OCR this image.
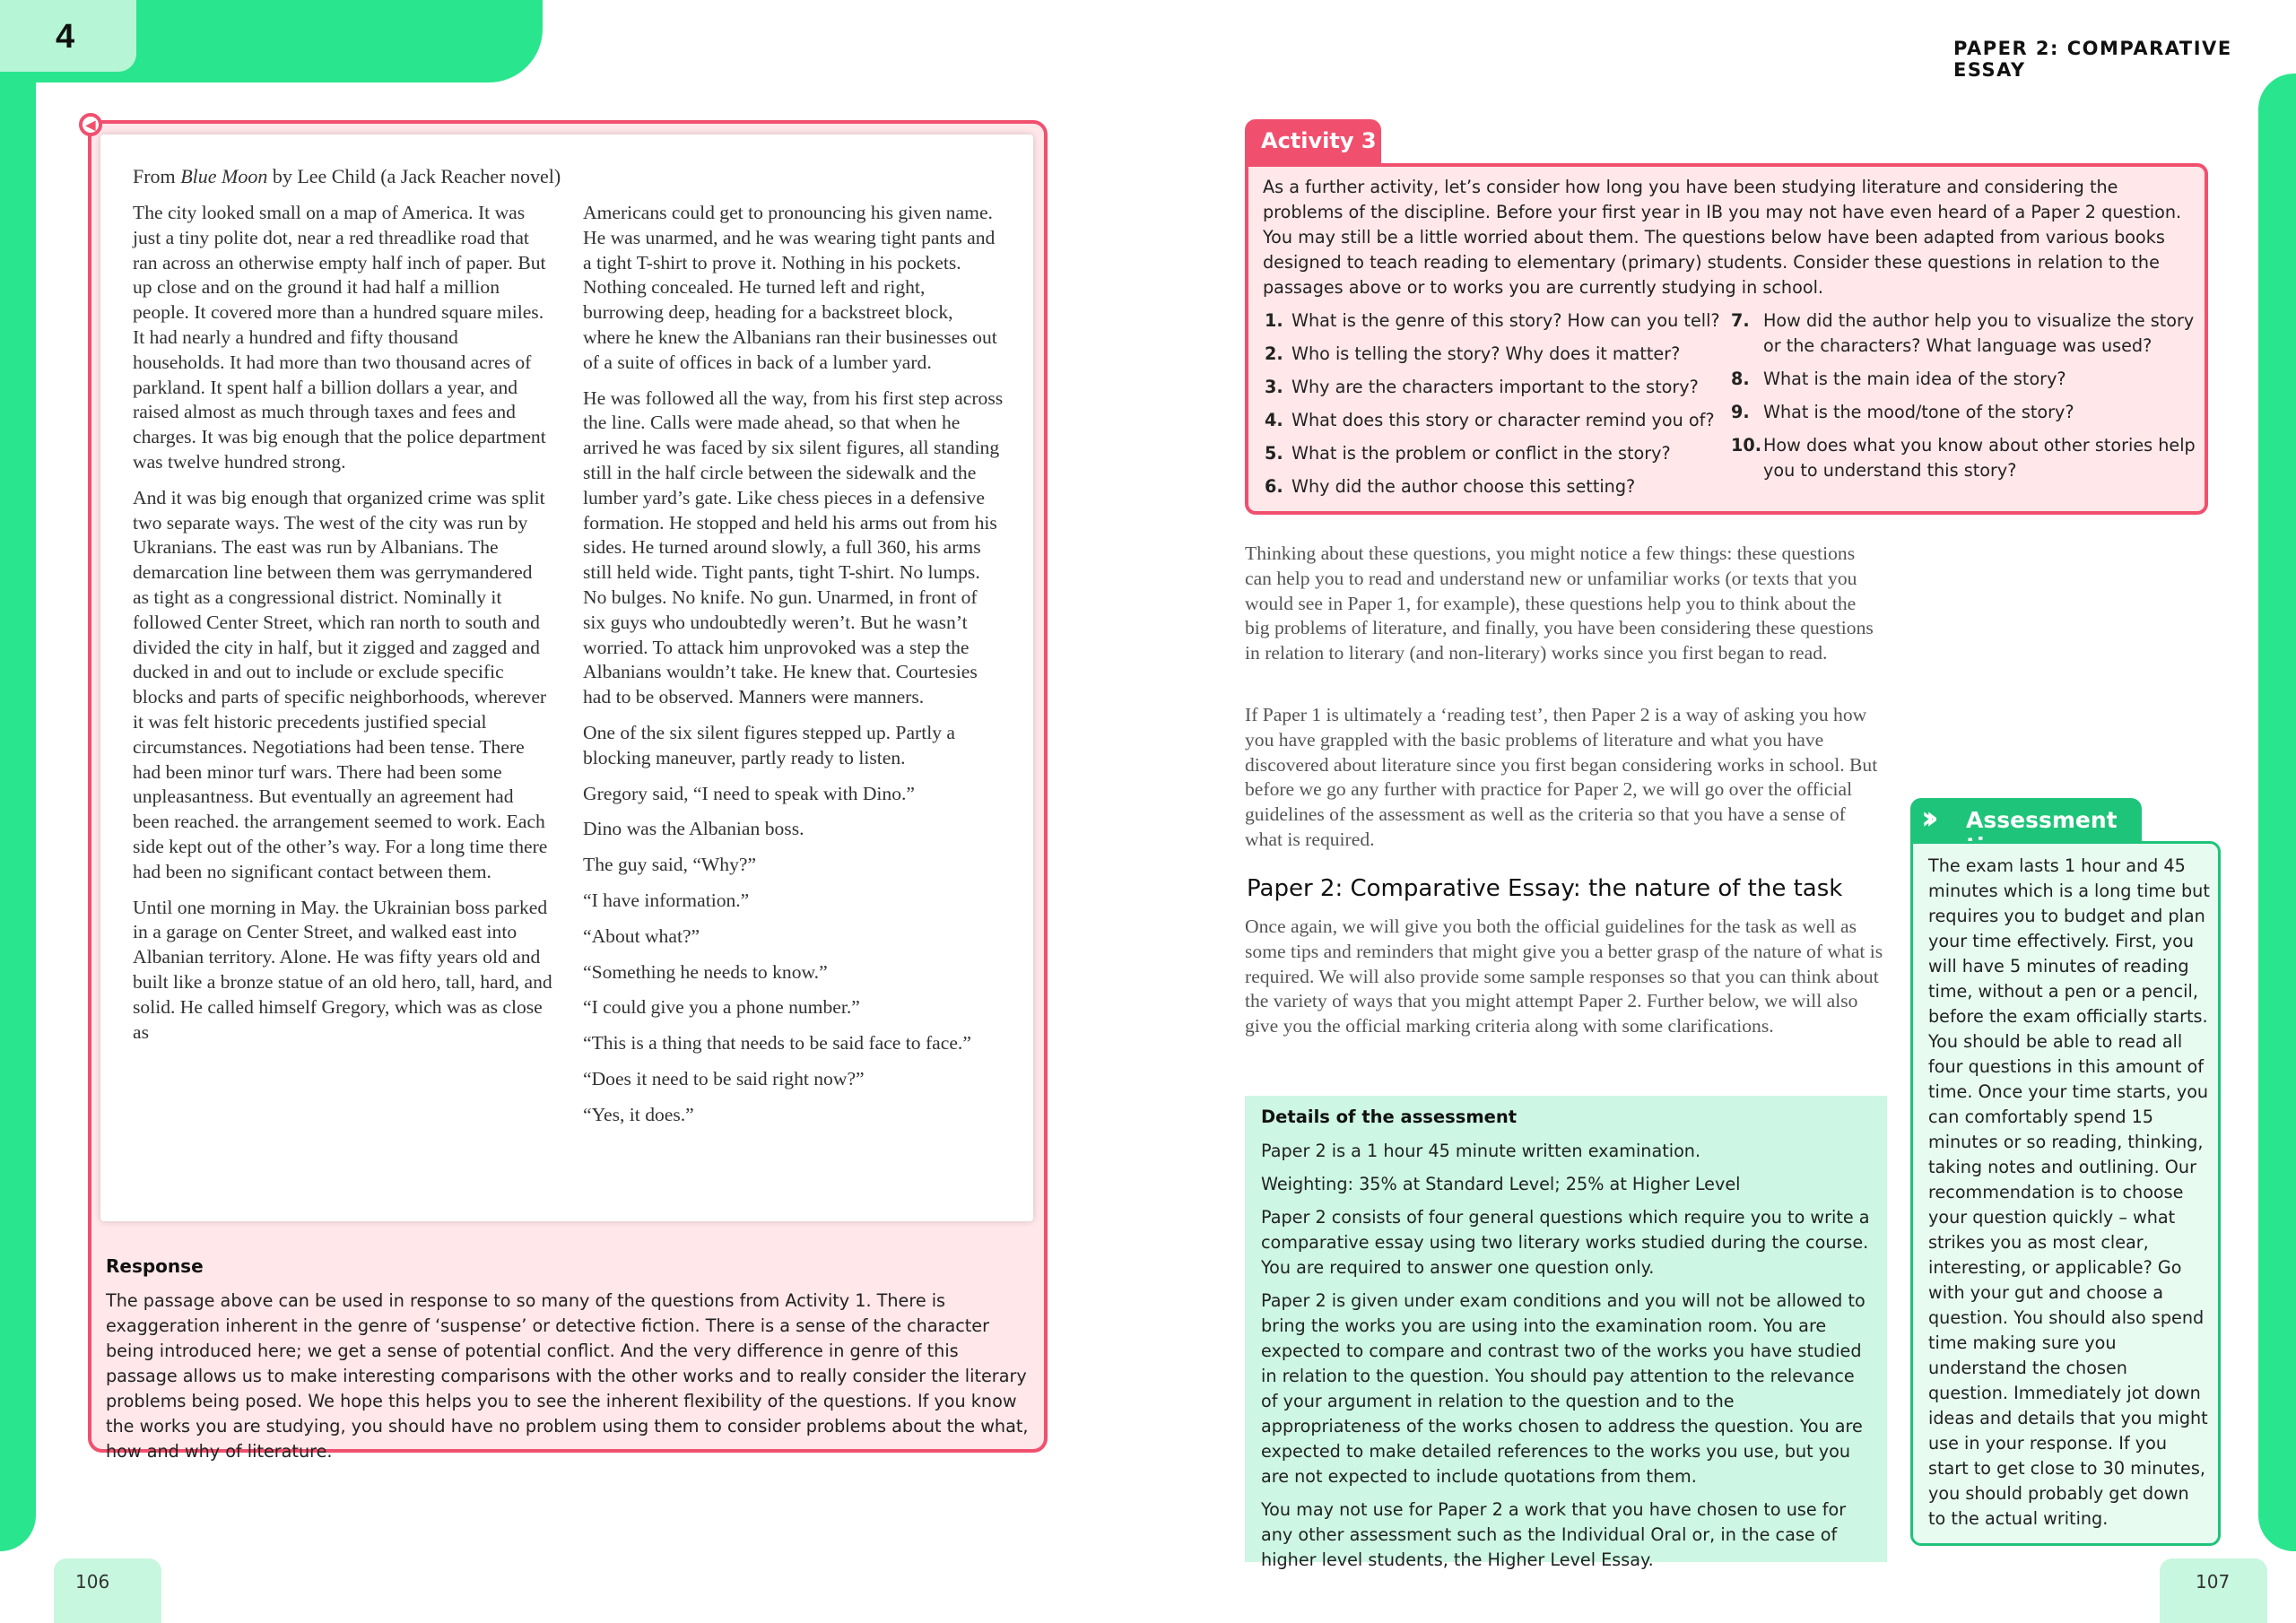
4	PAPER 2: COMPARATIVE ESSAY
◀
From Blue Moon by Lee Child (a Jack Reacher novel)

The city looked small on a map of America. It was just a tiny polite dot, near a red threadlike road that ran across an otherwise empty half inch of paper. But up close and on the ground it had half a million people. It covered more than a hundred square miles. It had nearly a hundred and fifty thousand households. It had more than two thousand acres of parkland. It spent half a billion dollars a year, and raised almost as much through taxes and fees and charges. It was big enough that the police department was twelve hundred strong.

And it was big enough that organized crime was split two separate ways. The west of the city was run by Ukranians. The east was run by Albanians. The demarcation line between them was gerrymandered as tight as a congressional district. Nominally it followed Center Street, which ran north to south and divided the city in half, but it zigged and zagged and ducked in and out to include or exclude specific blocks and parts of specific neighborhoods, wherever it was felt historic precedents justified special circumstances. Negotiations had been tense. There had been minor turf wars. There had been some unpleasantness. But eventually an agreement had been reached. the arrangement seemed to work. Each side kept out of the other’s way. For a long time there had been no significant contact between them.

Until one morning in May. the Ukrainian boss parked in a garage on Center Street, and walked east into Albanian territory. Alone. He was fifty years old and built like a bronze statue of an old hero, tall, hard, and solid. He called himself Gregory, which was as close as

Americans could get to pronouncing his given name. He was unarmed, and he was wearing tight pants and a tight T-shirt to prove it. Nothing in his pockets. Nothing concealed. He turned left and right, burrowing deep, heading for a backstreet block, where he knew the Albanians ran their businesses out of a suite of offices in back of a lumber yard.

He was followed all the way, from his first step across the line. Calls were made ahead, so that when he arrived he was faced by six silent figures, all standing still in the half circle between the sidewalk and the lumber yard’s gate. Like chess pieces in a defensive formation. He stopped and held his arms out from his sides. He turned around slowly, a full 360, his arms still held wide. Tight pants, tight T-shirt. No lumps. No bulges. No knife. No gun. Unarmed, in front of six guys who undoubtedly weren’t. But he wasn’t worried. To attack him unprovoked was a step the Albanians wouldn’t take. He knew that. Courtesies had to be observed. Manners were manners.

One of the six silent figures stepped up. Partly a blocking maneuver, partly ready to listen.

Gregory said, “I need to speak with Dino.”

Dino was the Albanian boss.

The guy said, “Why?”

“I have information.”

“About what?”

“Something he needs to know.”

“I could give you a phone number.”

“This is a thing that needs to be said face to face.”

“Does it need to be said right now?”

“Yes, it does.”

Response
The passage above can be used in response to so many of the questions from Activity 1. There is exaggeration inherent in the genre of ‘suspense’ or detective fiction. There is a sense of the character being introduced here; we get a sense of potential conflict. And the very difference in genre of this passage allows us to make interesting comparisons with the other works and to really consider the literary problems being posed. We hope this helps you to see the inherent flexibility of the questions. If you know the works you are studying, you should have no problem using them to consider problems about the what, how and why of literature.
Activity 3
As a further activity, let’s consider how long you have been studying literature and considering the problems of the discipline. Before your first year in IB you may not have even heard of a Paper 2 question. You may still be a little worried about them. The questions below have been adapted from various books designed to teach reading to elementary (primary) students. Consider these questions in relation to the passages above or to works you are currently studying in school.
1. What is the genre of this story? How can you tell?
2. Who is telling the story? Why does it matter?
3. Why are the characters important to the story?
4. What does this story or character remind you of?
5. What is the problem or conflict in the story?
6. Why did the author choose this setting?
7. How did the author help you to visualize the story or the characters? What language was used?
8. What is the main idea of the story?
9. What is the mood/tone of the story?
10. How does what you know about other stories help you to understand this story?
Thinking about these questions, you might notice a few things: these questions can help you to read and understand new or unfamiliar works (or texts that you would see in Paper 1, for example), these questions help you to think about the big problems of literature, and finally, you have been considering these questions in relation to literary (and non-literary) works since you first began to read.
If Paper 1 is ultimately a ‘reading test’, then Paper 2 is a way of asking you how you have grappled with the basic problems of literature and what you have discovered about literature since you first began considering works in school. But before we go any further with practice for Paper 2, we will go over the official guidelines of the assessment as well as the criteria so that you have a sense of what is required.
Paper 2: Comparative Essay: the nature of the task
Once again, we will give you both the official guidelines for the task as well as some tips and reminders that might give you a better grasp of the nature of what is required. We will also provide some sample responses so that you can think about the variety of ways that you might attempt Paper 2. Further below, we will also give you the official marking criteria along with some clarifications.
Details of the assessment

Paper 2 is a 1 hour 45 minute written examination.

Weighting: 35% at Standard Level; 25% at Higher Level

Paper 2 consists of four general questions which require you to write a comparative essay using two literary works studied during the course. You are required to answer one question only.

Paper 2 is given under exam conditions and you will not be allowed to bring the works you are using into the examination room. You are expected to compare and contrast two of the works you have studied in relation to the question. You should pay attention to the relevance of your argument in relation to the question and to the appropriateness of the works chosen to address the question. You are expected to make detailed references to the works you use, but you are not expected to include quotations from them.

You may not use for Paper 2 a work that you have chosen to use for any other assessment such as the Individual Oral or, in the case of higher level students, the Higher Level Essay.

›› Assessment
The exam lasts 1 hour and 45 minutes which is a long time but requires you to budget and plan your time effectively. First, you will have 5 minutes of reading time, without a pen or a pencil, before the exam officially starts. You should be able to read all four questions in this amount of time. Once your time starts, you can comfortably spend 15 minutes or so reading, thinking, taking notes and outlining. Our recommendation is to choose your question quickly – what strikes you as most clear, interesting, or applicable? Go with your gut and choose a question. You should also spend time making sure you understand the chosen question. Immediately jot down ideas and details that you might use in your response. If you start to get close to 30 minutes, you should probably get down to the actual writing.
106	107
